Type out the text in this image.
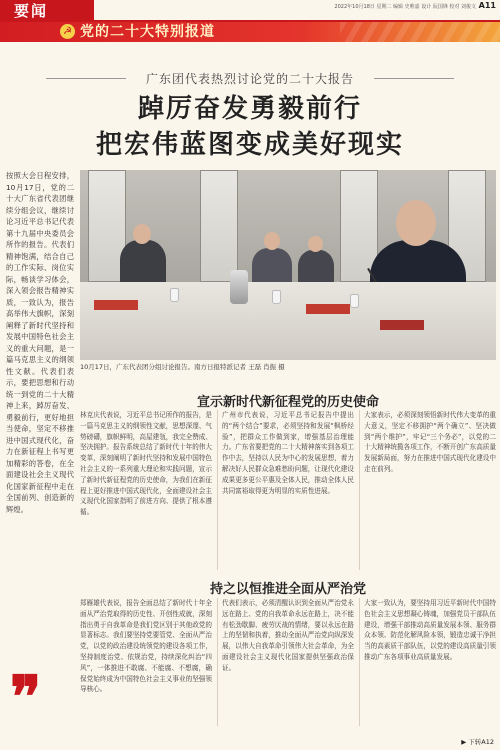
要闻	2022年10月18日 星期二 编辑 史唯嘉 设计 阮国锋 校对 刘俊文 A11
☭ 党的二十大特别报道
广东团代表热烈讨论党的二十大报告
踔厉奋发勇毅前行
把宏伟蓝图变成美好现实
按照大会日程安排，10月17日，党的二十大广东省代表团继续分组会议，继续讨论习近平总书记代表第十九届中央委员会所作的报告。代表们精神饱满，结合自己的工作实际、岗位实际，畅谈学习体会，深入领会报告精神实质，一致认为，报告高举伟大旗帜，深刻阐释了新时代坚持和发展中国特色社会主义的重大问题，是一篇马克思主义的纲领性文献。代表们表示，要把思想和行动统一到党的二十大精神上来，踔厉奋发、勇毅前行，更好地担当使命，坚定不移推进中国式现代化，奋力在新征程上书写更加精彩的答卷，在全面建设社会主义现代化国家新征程中走在全国前列、创造新的辉煌。
❞
10月17日，广东代表团分组讨论报告。南方日报特派记者 王磊 肖振 摄
宣示新时代新征程党的历史使命
林克庆代表说，习近平总书记所作的报告，是一篇马克思主义的纲领性文献，思想深邃、气势磅礴，旗帜鲜明，高屋建瓴，我完全赞成、坚决拥护。报告系统总结了新时代十年的伟大变革，深刻阐明了新时代坚持和发展中国特色社会主义的一系列重大理论和实践问题，宣示了新时代新征程党的历史使命，为我们在新征程上更好推进中国式现代化，全面建设社会主义现代化国家指明了前进方向、提供了根本遵循。
广州市代表说，习近平总书记报告中提出的“两个结合”要求，必须坚持和发展“枫桥经验”，把群众工作做到家，增强基层治理能力。广东省要把党的二十大精神落实到各项工作中去，坚持以人民为中心的发展思想，着力解决好人民群众急难愁盼问题，让现代化建设成果更多更公平惠及全体人民，推动全体人民共同富裕取得更为明显的实质性进展。
大家表示，必须深刻领悟新时代伟大变革的重大意义，坚定不移拥护“两个确立”、坚决做到“两个维护”，牢记“三个务必”，以党的二十大精神统揽各项工作，不断开创广东高质量发展新局面，努力在推进中国式现代化建设中走在前列。
持之以恒推进全面从严治党
郑雁雄代表说，报告全面总结了新时代十年全面从严治党取得的历史性、开创性成就，深刻指出勇于自我革命是我们党区别于其他政党的显著标志。我们要坚持党要管党、全面从严治党，以党的政治建设统领党的建设各项工作，坚持制度治党、依规治党，持续深化纠治“四风”，一体推进不敢腐、不能腐、不想腐，确保党始终成为中国特色社会主义事业的坚强领导核心。
代表们表示，必须清醒认识到全面从严治党永远在路上、党的自我革命永远在路上，决不能有松劲歇脚、疲劳厌战的情绪，要以永远在路上的坚韧和执着，推动全面从严治党向纵深发展，以伟大自我革命引领伟大社会革命，为全面建设社会主义现代化国家提供坚强政治保证。
大家一致认为，要坚持用习近平新时代中国特色社会主义思想凝心铸魂，加强党员干部队伍建设，增强干部推动高质量发展本领、服务群众本领、防范化解风险本领，锻造忠诚干净担当的高素质干部队伍，以党的建设高质量引领推动广东各项事业高质量发展。
▶ 下转A12
